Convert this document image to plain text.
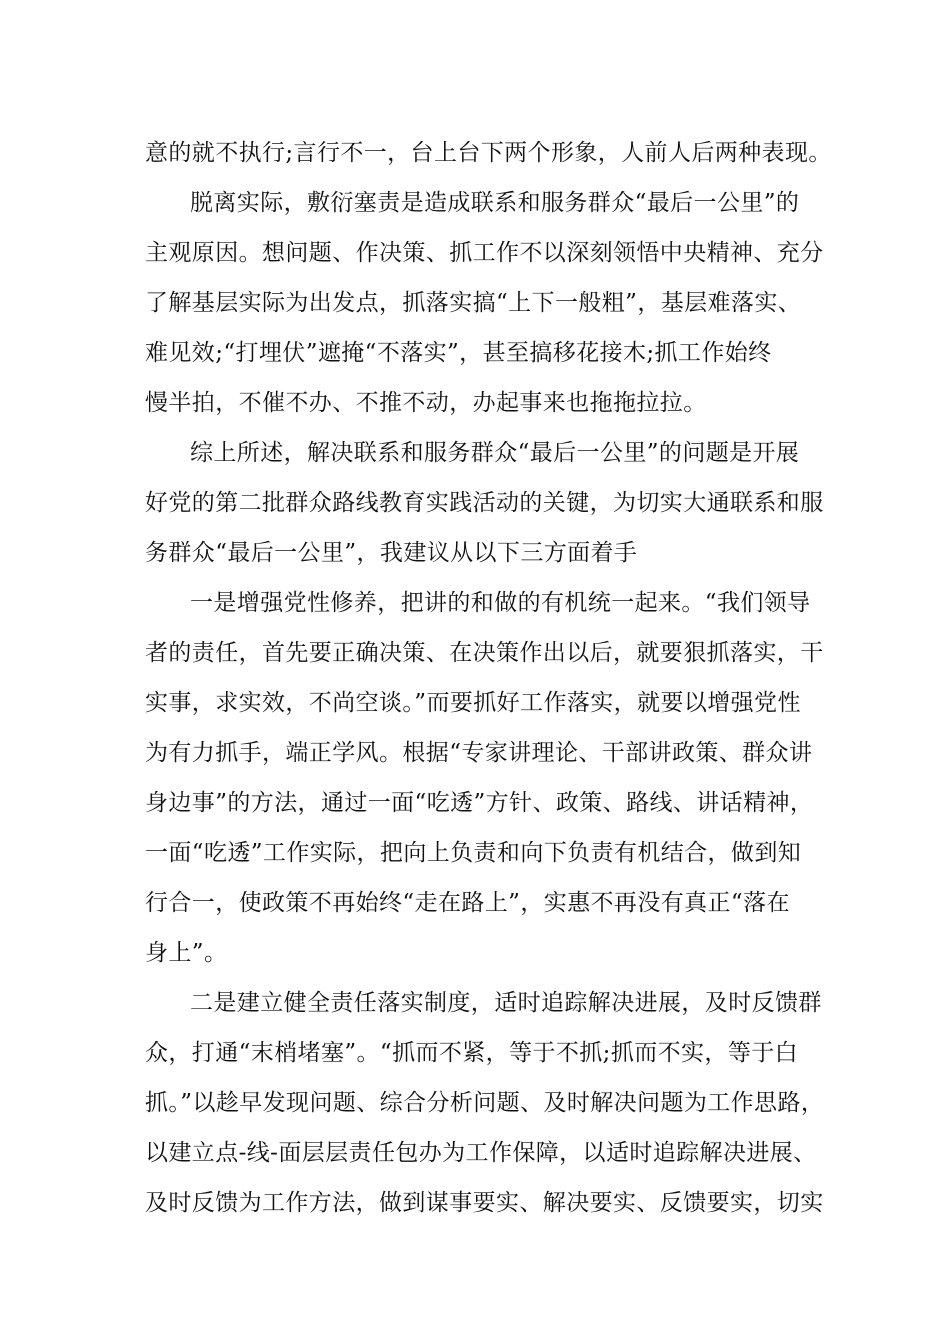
意的就不执行;言行不一，台上台下两个形象，人前人后两种表现。
脱离实际，敷衍塞责是造成联系和服务群众“最后一公里”的
主观原因。想问题、作决策、抓工作不以深刻领悟中央精神、充分
了解基层实际为出发点，抓落实搞“上下一般粗”，基层难落实、
难见效;“打埋伏”遮掩“不落实”，甚至搞移花接木;抓工作始终
慢半拍，不催不办、不推不动，办起事来也拖拖拉拉。
综上所述，解决联系和服务群众“最后一公里”的问题是开展
好党的第二批群众路线教育实践活动的关键，为切实大通联系和服
务群众“最后一公里”，我建议从以下三方面着手
一是增强党性修养，把讲的和做的有机统一起来。“我们领导
者的责任，首先要正确决策、在决策作出以后，就要狠抓落实，干
实事，求实效，不尚空谈。”而要抓好工作落实，就要以增强党性
为有力抓手，端正学风。根据“专家讲理论、干部讲政策、群众讲
身边事”的方法，通过一面“吃透”方针、政策、路线、讲话精神，
一面“吃透”工作实际，把向上负责和向下负责有机结合，做到知
行合一，使政策不再始终“走在路上”，实惠不再没有真正“落在
身上”。
二是建立健全责任落实制度，适时追踪解决进展，及时反馈群
众，打通“末梢堵塞”。“抓而不紧，等于不抓;抓而不实，等于白
抓。”以趁早发现问题、综合分析问题、及时解决问题为工作思路，
以建立点-线-面层层责任包办为工作保障，以适时追踪解决进展、
及时反馈为工作方法，做到谋事要实、解决要实、反馈要实，切实
